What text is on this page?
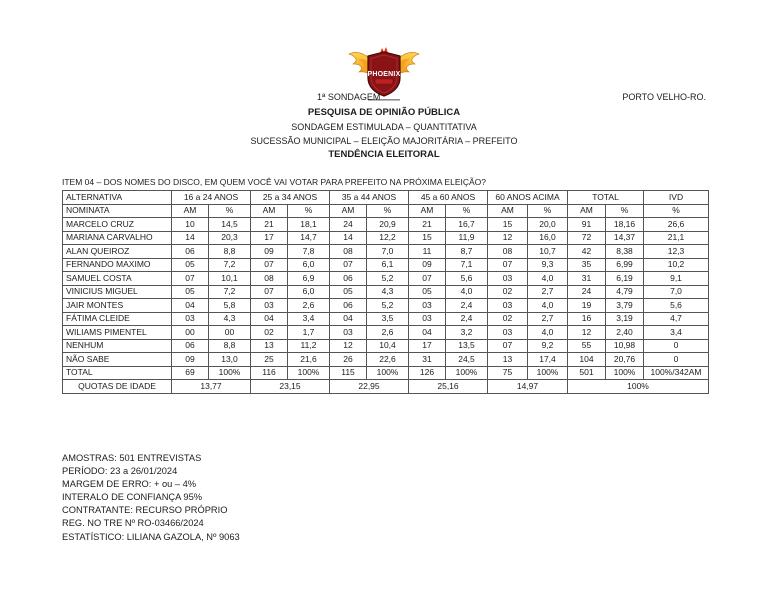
PHOENIX
1ª SONDAGEM	PORTO VELHO-RO.
PESQUISA DE OPINIÃO PÚBLICA
SONDAGEM ESTIMULADA – QUANTITATIVA
SUCESSÃO MUNICIPAL – ELEIÇÃO MAJORITÁRIA – PREFEITO
TENDÊNCIA ELEITORAL
ITEM 04 – DOS NOMES DO DISCO, EM QUEM VOCÊ VAI VOTAR PARA PREFEITO NA PRÓXIMA ELEIÇÃO?
ALTERNATIVA	16 a 24 ANOS		25 a 34 ANOS		35 a 44 ANOS		45 a 60 ANOS		60 ANOS ACIMA		TOTAL		IVD
NOMINATA	AM	%	AM	%	AM	%	AM	%	AM	%	AM	%	%
MARCELO CRUZ	10	14,5	21	18,1	24	20,9	21	16,7	15	20,0	91	18,16	26,6
MARIANA CARVALHO	14	20,3	17	14,7	14	12,2	15	11,9	12	16,0	72	14,37	21,1
ALAN QUEIROZ	06	8,8	09	7,8	08	7,0	11	8,7	08	10,7	42	8,38	12,3
FERNANDO MAXIMO	05	7,2	07	6,0	07	6,1	09	7,1	07	9,3	35	6,99	10,2
SAMUEL COSTA	07	10,1	08	6,9	06	5,2	07	5,6	03	4,0	31	6,19	9,1
VINICIUS MIGUEL	05	7,2	07	6,0	05	4,3	05	4,0	02	2,7	24	4,79	7,0
JAIR MONTES	04	5,8	03	2,6	06	5,2	03	2,4	03	4,0	19	3,79	5,6
FÁTIMA CLEIDE	03	4,3	04	3,4	04	3,5	03	2,4	02	2,7	16	3,19	4,7
WILIAMS PIMENTEL	00	00	02	1,7	03	2,6	04	3,2	03	4,0	12	2,40	3,4
NENHUM	06	8,8	13	11,2	12	10,4	17	13,5	07	9,2	55	10,98	0
NÃO SABE	09	13,0	25	21,6	26	22,6	31	24,5	13	17,4	104	20,76	0
TOTAL	69	100%	116	100%	115	100%	126	100%	75	100%	501	100%	100%/342AM
QUOTAS DE IDADE	13,77		23,15		22,95		25,16		14,97		100%		
AMOSTRAS: 501 ENTREVISTAS
PERÍODO: 23 a 26/01/2024
MARGEM DE ERRO: + ou – 4%
INTERALO DE CONFIANÇA 95%
CONTRATANTE: RECURSO PRÓPRIO
REG. NO TRE Nº RO-03466/2024
ESTATÍSTICO: LILIANA GAZOLA, Nº 9063
